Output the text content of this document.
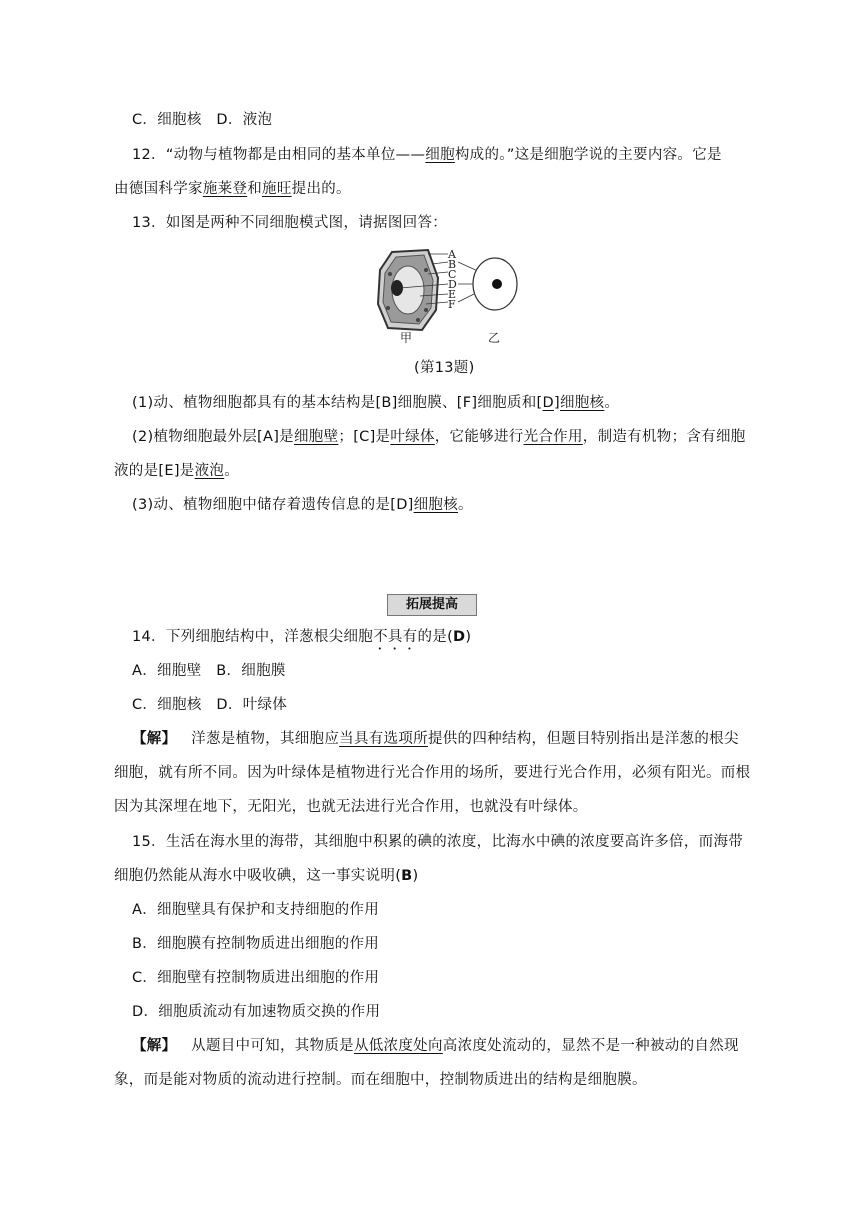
C．细胞核　D．液泡
12．“动物与植物都是由相同的基本单位——细胞构成的。”这是细胞学说的主要内容。它是
由德国科学家施莱登和施旺提出的。
13．如图是两种不同细胞模式图，请据图回答：
A
B
C
D
E
F
甲	乙
(第13题)
(1)动、植物细胞都具有的基本结构是[B]细胞膜、[F]细胞质和[D]细胞核。
(2)植物细胞最外层[A]是细胞壁；[C]是叶绿体，它能够进行光合作用，制造有机物；含有细胞
液的是[E]是液泡。
(3)动、植物细胞中储存着遗传信息的是[D]细胞核。
拓展提高
14．下列细胞结构中，洋葱根尖细胞不具有的是(D)
A．细胞壁　B．细胞膜
C．细胞核　D．叶绿体
【解】 洋葱是植物，其细胞应当具有选项所提供的四种结构，但题目特别指出是洋葱的根尖
细胞，就有所不同。因为叶绿体是植物进行光合作用的场所，要进行光合作用，必须有阳光。而根
因为其深埋在地下，无阳光，也就无法进行光合作用，也就没有叶绿体。
15．生活在海水里的海带，其细胞中积累的碘的浓度，比海水中碘的浓度要高许多倍，而海带
细胞仍然能从海水中吸收碘，这一事实说明(B)
A．细胞壁具有保护和支持细胞的作用
B．细胞膜有控制物质进出细胞的作用
C．细胞壁有控制物质进出细胞的作用
D．细胞质流动有加速物质交换的作用
【解】 从题目中可知，其物质是从低浓度处向高浓度处流动的，显然不是一种被动的自然现
象，而是能对物质的流动进行控制。而在细胞中，控制物质进出的结构是细胞膜。
